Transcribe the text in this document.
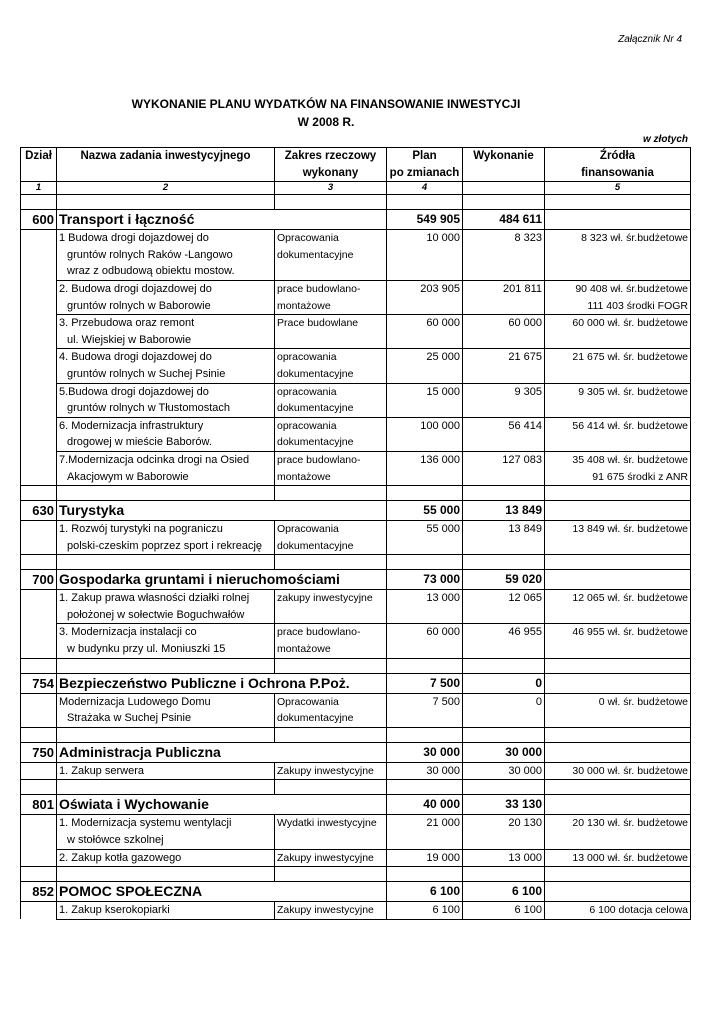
Załącznik Nr 4
WYKONANIE PLANU WYDATKÓW NA FINANSOWANIE INWESTYCJI
W 2008 R.
w złotych
Dział	Nazwa zadania inwestycyjnego	Zakres rzeczowy	Plan	Wykonanie	Źródła
		wykonany	po zmianach		finansowania
1	2	3	4		5

600	Transport i łączność		549 905	484 611	
	1 Budowa drogi dojazdowej do	Opracowania	10 000	8 323	8 323 wł. śr.budżetowe
	gruntów rolnych Raków -Langowo	dokumentacyjne			
	wraz z odbudową obiektu mostow.				
	2. Budowa drogi dojazdowej do	prace budowlano-	203 905	201 811	90 408 wł. śr.budżetowe
	gruntów rolnych w Baborowie	montażowe			111 403 środki FOGR
	3. Przebudowa oraz remont	Prace budowlane	60 000	60 000	60 000 wł. śr. budżetowe
	ul. Wiejskiej w Baborowie				
	4. Budowa drogi dojazdowej do	opracowania	25 000	21 675	21 675 wł. śr. budżetowe
	gruntów rolnych w Suchej Psinie	dokumentacyjne			
	5.Budowa drogi dojazdowej do	opracowania	15 000	9 305	9 305 wł. śr. budżetowe
	gruntów rolnych w Tłustomostach	dokumentacyjne			
	6. Modernizacja infrastruktury	opracowania	100 000	56 414	56 414 wł. śr. budżetowe
	drogowej w mieście Baborów.	dokumentacyjne			
	7.Modernizacja odcinka drogi na Osied	prace budowlano-	136 000	127 083	35 408 wł. śr. budżetowe
	Akacjowym w Baborowie	montażowe			91 675 środki z ANR

630	Turystyka		55 000	13 849	
	1. Rozwój turystyki na pograniczu	Opracowania	55 000	13 849	13 849 wł. śr. budżetowe
	polski-czeskim poprzez sport i rekreację	dokumentacyjne			

700	Gospodarka gruntami i nieruchomościami		73 000	59 020	
	1. Zakup prawa własności działki rolnej	zakupy inwestycyjne	13 000	12 065	12 065 wł. śr. budżetowe
	położonej w sołectwie Boguchwałów				
	3. Modernizacja instalacji co	prace budowlano-	60 000	46 955	46 955 wł. śr. budżetowe
	w budynku przy ul. Moniuszki 15	montażowe			

754	Bezpieczeństwo Publiczne i Ochrona P.Poż.		7 500	0	
	Modernizacja Ludowego Domu	Opracowania	7 500	0	0 wł. śr. budżetowe
	Strażaka w Suchej Psinie	dokumentacyjne			

750	Administracja Publiczna		30 000	30 000	
	1. Zakup serwera	Zakupy inwestycyjne	30 000	30 000	30 000 wł. śr. budżetowe

801	Oświata i Wychowanie		40 000	33 130	
	1. Modernizacja systemu wentylacji	Wydatki inwestycyjne	21 000	20 130	20 130 wł. śr. budżetowe
	w stołówce szkolnej				
	2. Zakup kotła gazowego	Zakupy inwestycyjne	19 000	13 000	13 000 wł. śr. budżetowe

852	POMOC SPOŁECZNA		6 100	6 100	
	1. Zakup kserokopiarki	Zakupy inwestycyjne	6 100	6 100	6 100 dotacja celowa
